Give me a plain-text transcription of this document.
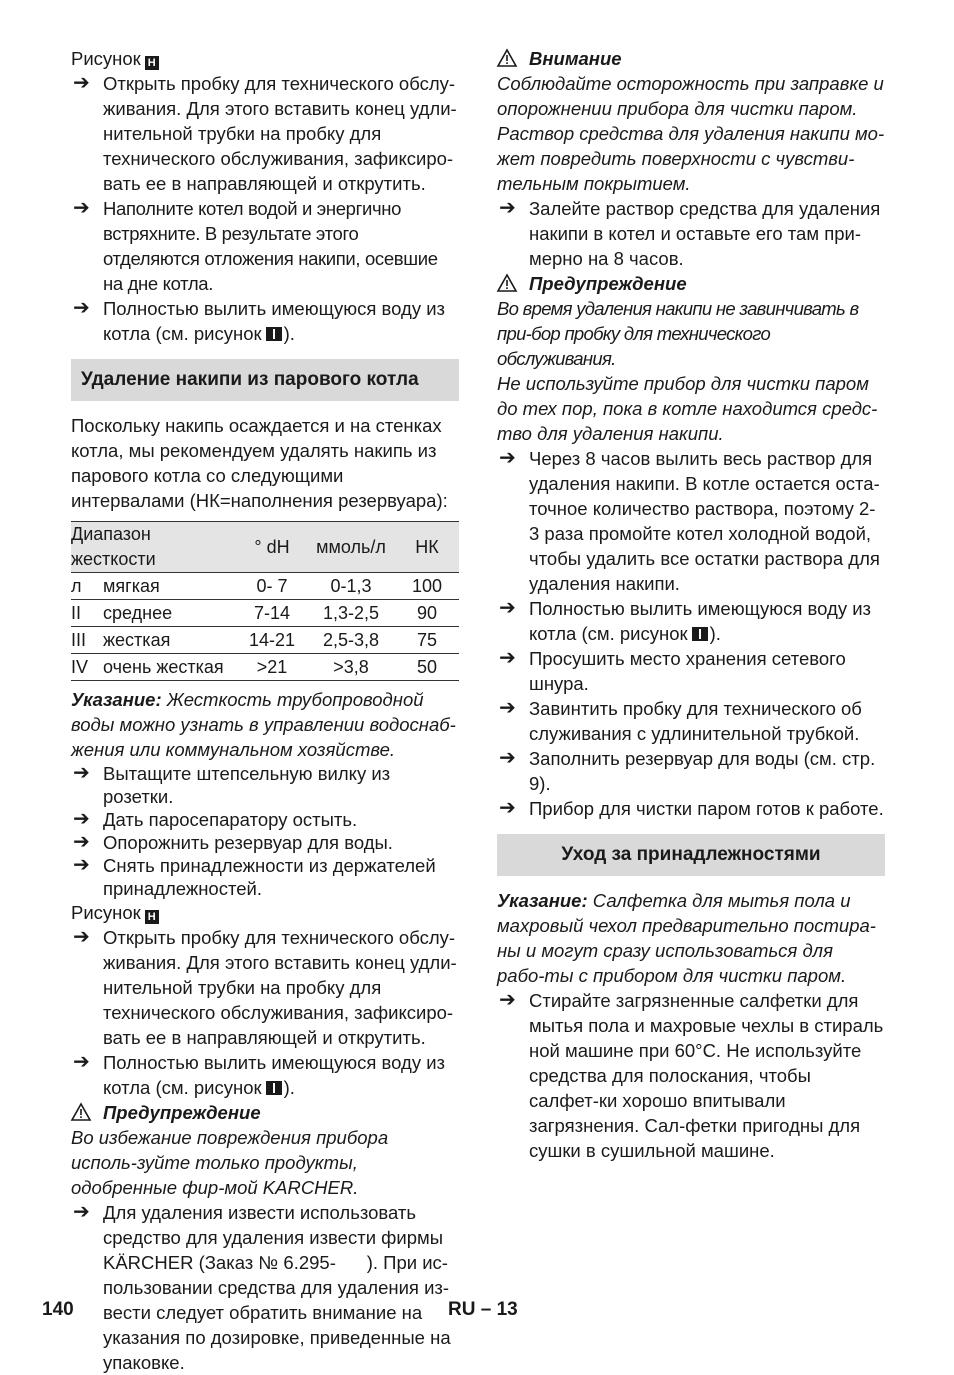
Рисунок H
➔ Открыть пробку для технического обслу-живания. Для этого вставить конец удли-нительной трубки на пробку для технического обслуживания, зафиксиро-вать ее в направляющей и открутить.
➔ Наполните котел водой и энергично встряхните. В результате этого отделяются отложения накипи, осевшие на дне котла.
➔ Полностью вылить имеющуюся воду из котла (см. рисунок ).
Удаление накипи из парового котла
Поскольку накипь осаждается и на стенках котла, мы рекомендуем удалять накипь из парового котла со следующими интервалами (НК=наполнения резервуара):
Диапазон жесткости		° dH	ммоль/л	НК
л	мягкая	0- 7	0-1,3	100
II	среднее	7-14	1,3-2,5	90
III	жесткая	14-21	2,5-3,8	75
IV	очень жесткая	>21	>3,8	50
Указание: Жесткость трубопроводной воды можно узнать в управлении водоснаб-жения или коммунальном хозяйстве.
➔ Вытащите штепсельную вилку из розетки.
➔ Дать паросепаратору остыть.
➔ Опорожнить резервуар для воды.
➔ Снять принадлежности из держателей принадлежностей.
Рисунок H
➔ Открыть пробку для технического обслу-живания. Для этого вставить конец удли-нительной трубки на пробку для технического обслуживания, зафиксиро-вать ее в направляющей и открутить.
➔ Полностью вылить имеющуюся воду из котла (см. рисунок ).
Предупреждение
Во избежание повреждения прибора исполь-зуйте только продукты, одобренные фир-мой KARCHER.
➔ Для удаления извести использовать средство для удаления извести фирмы KÄRCHER (Заказ № 6.295-      ). При ис-пользовании средства для удаления из-вести следует обратить внимание на указания по дозировке, приведенные на упаковке.
Внимание
Соблюдайте осторожность при заправке и опорожнении прибора для чистки паром. Раствор средства для удаления накипи мо-жет повредить поверхности с чувстви-тельным покрытием.
➔ Залейте раствор средства для удаления накипи в котел и оставьте его там при-мерно на 8 часов.
Предупреждение
Во время удаления накипи не завинчивать в при-бор пробку для технического обслуживания.
Не используйте прибор для чистки паром до тех пор, пока в котле находится средс-тво для удаления накипи.
➔ Через 8 часов вылить весь раствор для удаления накипи. В котле остается оста-точное количество раствора, поэтому 2-3 раза промойте котел холодной водой, чтобы удалить все остатки раствора для удаления накипи.
➔ Полностью вылить имеющуюся воду из котла (см. рисунок ).
➔ Просушить место хранения сетевого шнура.
➔ Завинтить пробку для технического об служивания с удлинительной трубкой.
➔ Заполнить резервуар для воды (см. стр. 9).
➔ Прибор для чистки паром готов к работе.
Уход за принадлежностями
Указание: Салфетка для мытья пола и махровый чехол предварительно постира-ны и могут сразу использоваться для рабо-ты с прибором для чистки паром.
➔ Стирайте загрязненные салфетки для мытья пола и махровые чехлы в стираль ной машине при 60°C. Не используйте средства для полоскания, чтобы салфет-ки хорошо впитывали загрязнения. Сал-фетки пригодны для сушки в сушильной машине.
140	RU – 13
